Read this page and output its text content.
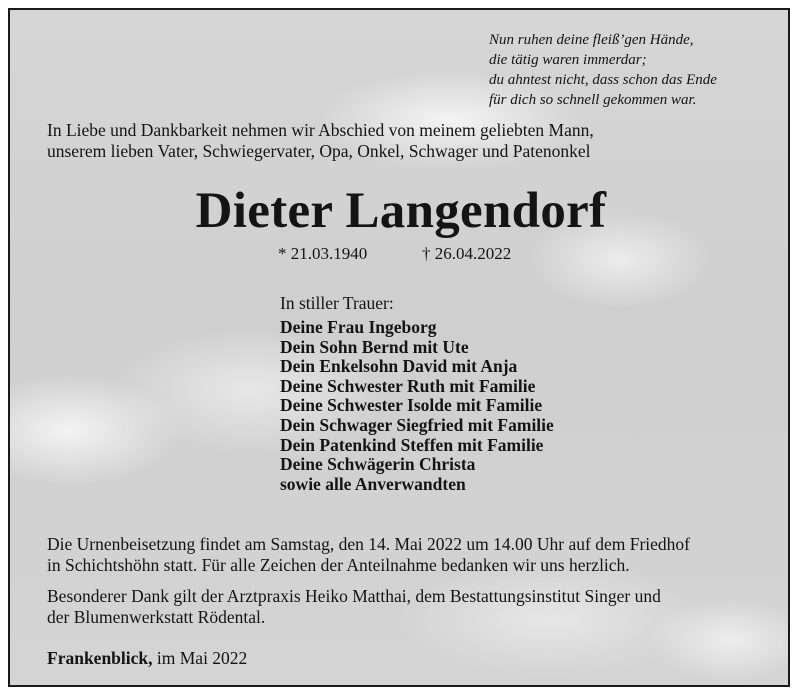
Nun ruhen deine fleiß’gen Hände,
die tätig waren immerdar;
du ahntest nicht, dass schon das Ende
für dich so schnell gekommen war.
In Liebe und Dankbarkeit nehmen wir Abschied von meinem geliebten Mann,
unserem lieben Vater, Schwiegervater, Opa, Onkel, Schwager und Patenonkel
Dieter Langendorf
* 21.03.1940	† 26.04.2022
In stiller Trauer:
Deine Frau Ingeborg
Dein Sohn Bernd mit Ute
Dein Enkelsohn David mit Anja
Deine Schwester Ruth mit Familie
Deine Schwester Isolde mit Familie
Dein Schwager Siegfried mit Familie
Dein Patenkind Steffen mit Familie
Deine Schwägerin Christa
sowie alle Anverwandten
Die Urnenbeisetzung findet am Samstag, den 14. Mai 2022 um 14.00 Uhr auf dem Friedhof
in Schichtshöhn statt. Für alle Zeichen der Anteilnahme bedanken wir uns herzlich.
Besonderer Dank gilt der Arztpraxis Heiko Matthai, dem Bestattungsinstitut Singer und
der Blumenwerkstatt Rödental.
Frankenblick, im Mai 2022
